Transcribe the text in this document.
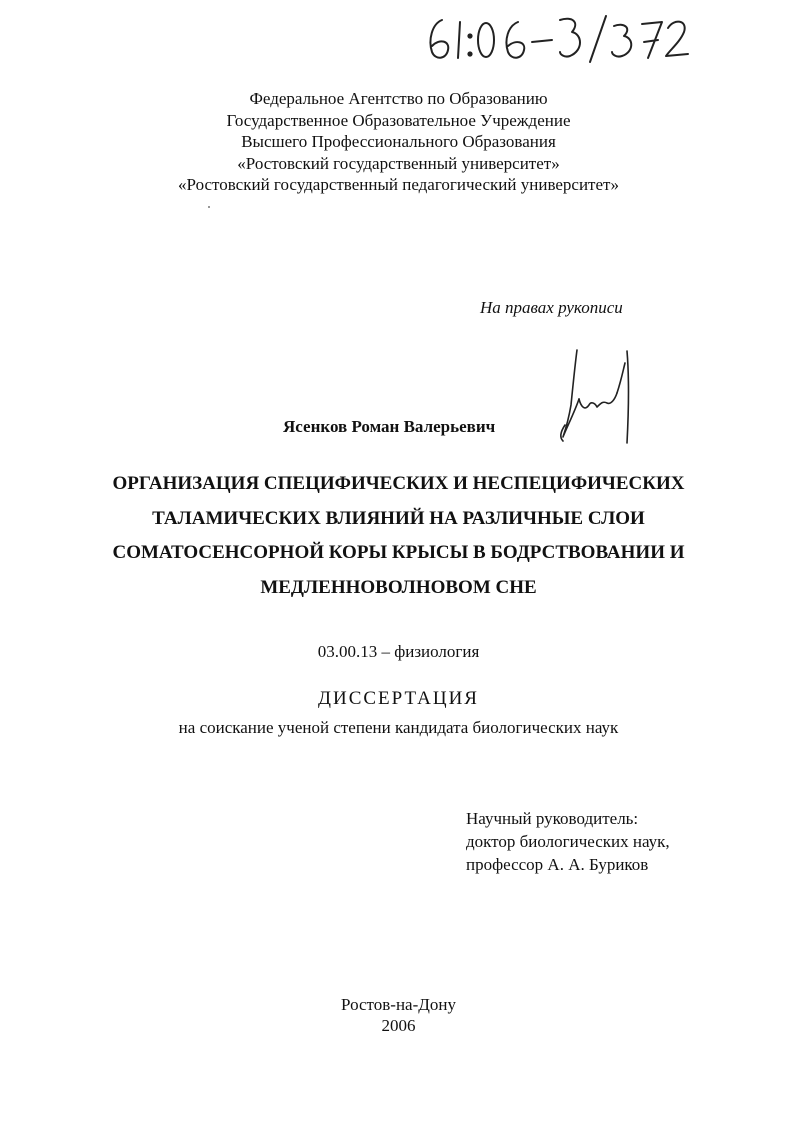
Федеральное Агентство по Образованию
Государственное Образовательное Учреждение
Высшего Профессионального Образования
«Ростовский государственный университет»
«Ростовский государственный педагогический университет»
На правах рукописи
Ясенков Роман Валерьевич
ОРГАНИЗАЦИЯ СПЕЦИФИЧЕСКИХ И НЕСПЕЦИФИЧЕСКИХ
ТАЛАМИЧЕСКИХ ВЛИЯНИЙ НА РАЗЛИЧНЫЕ СЛОИ
СОМАТОСЕНСОРНОЙ КОРЫ КРЫСЫ В БОДРСТВОВАНИИ И
МЕДЛЕННОВОЛНОВОМ СНЕ
03.00.13 – физиология
ДИССЕРТАЦИЯ
на соискание ученой степени кандидата биологических наук
Научный руководитель:
доктор биологических наук,
профессор А. А. Буриков
Ростов-на-Дону
2006
